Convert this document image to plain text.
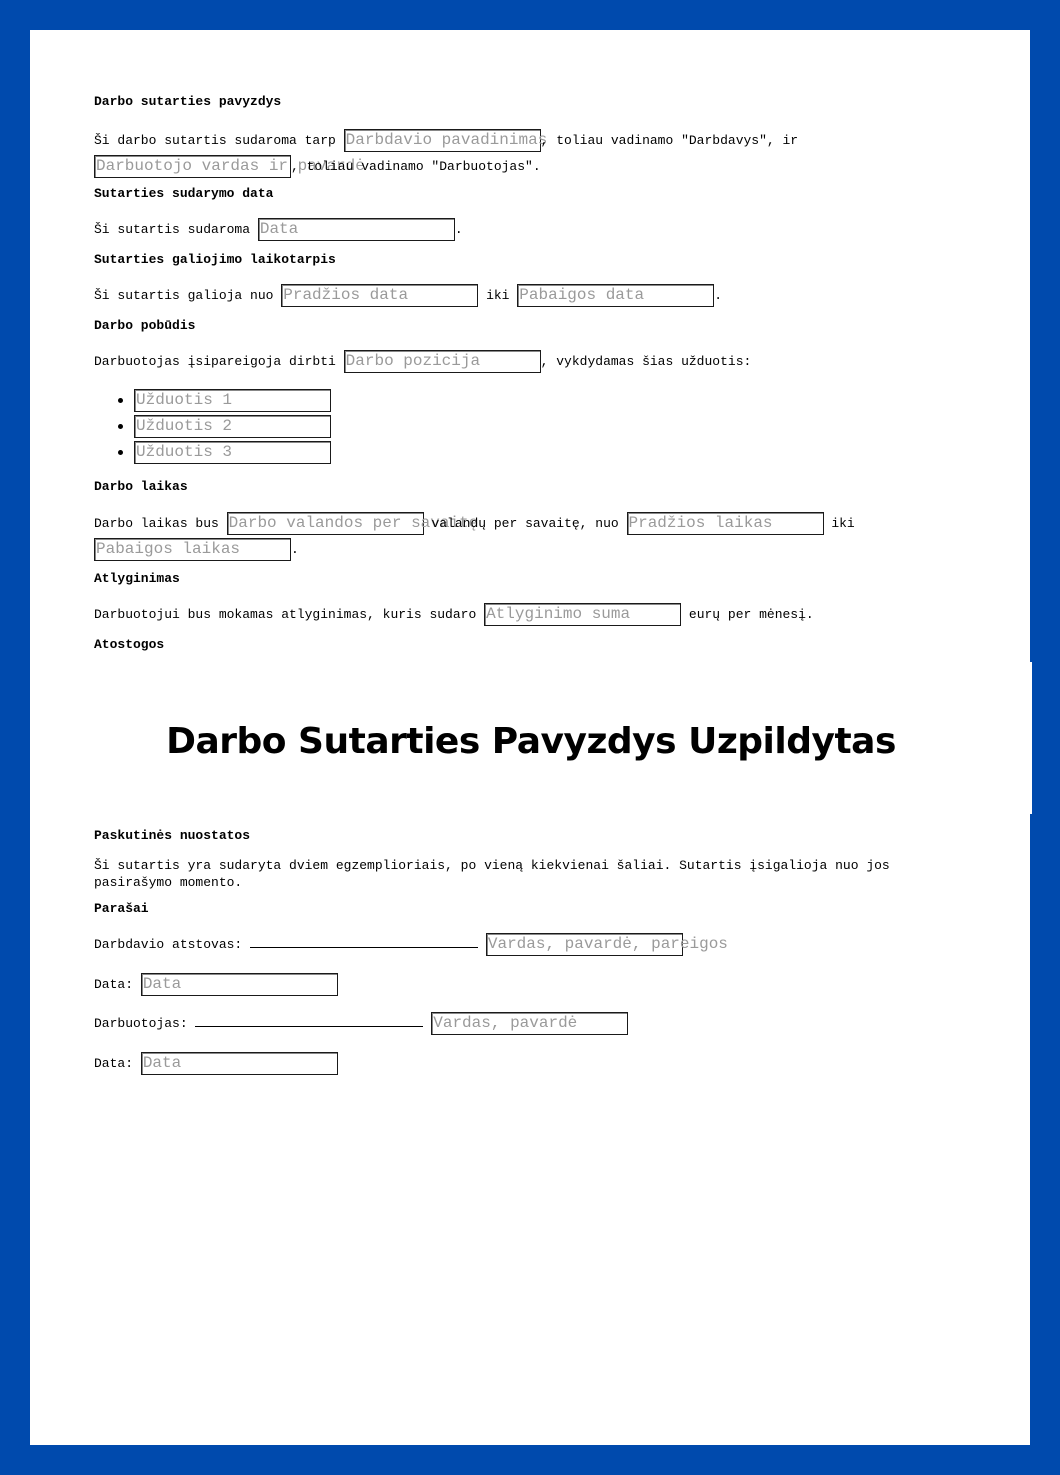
Darbo sutarties pavyzdys
Ši darbo sutartis sudaroma tarp Darbdavio pavadinimas, toliau vadinamo "Darbdavys", ir
Darbuotojo vardas ir pavardė, toliau vadinamo "Darbuotojas".
Sutarties sudarymo data
Ši sutartis sudaroma Data	.
Sutarties galiojimo laikotarpis
Ši sutartis galioja nuo Pradžios data	iki Pabaigos data	.
Darbo pobūdis
Darbuotojas įsipareigoja dirbti Darbo pozicija	, vykdydamas šias užduotis:
Užduotis 1
Užduotis 2
Užduotis 3
Darbo laikas
Darbo laikas bus Darbo valandos per savaitę valandų per savaitę, nuo Pradžios laikas	iki
Pabaigos laikas	.
Atlyginimas
Darbuotojui bus mokamas atlyginimas, kuris sudaro Atlyginimo suma	eurų per mėnesį.
Atostogos
Darbo Sutarties Pavyzdys Uzpildytas
Paskutinės nuostatos
Ši sutartis yra sudaryta dviem egzemplioriais, po vieną kiekvienai šaliai. Sutartis įsigalioja nuo jos
pasirašymo momento.
Parašai
Darbdavio atstovas:	Vardas, pavardė, pareigos
Data: Data
Darbuotojas:	Vardas, pavardė
Data: Data
